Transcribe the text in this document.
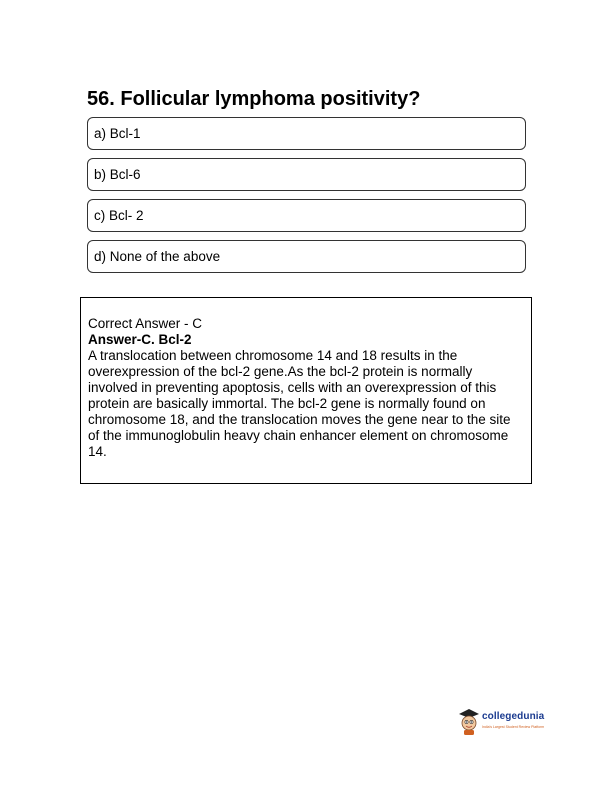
56. Follicular lymphoma positivity?
a) Bcl-1
b) Bcl-6
c) Bcl- 2
d) None of the above

Correct Answer - C

Answer-C. Bcl-2

A translocation between chromosome 14 and 18 results in the overexpression of the bcl-2 gene.As the bcl-2 protein is normally involved in preventing apoptosis, cells with an overexpression of this protein are basically immortal. The bcl-2 gene is normally found on chromosome 18, and the translocation moves the gene near to the site of the immunoglobulin heavy chain enhancer element on chromosome 14.

collegedunia
India's Largest Student Review Platform
